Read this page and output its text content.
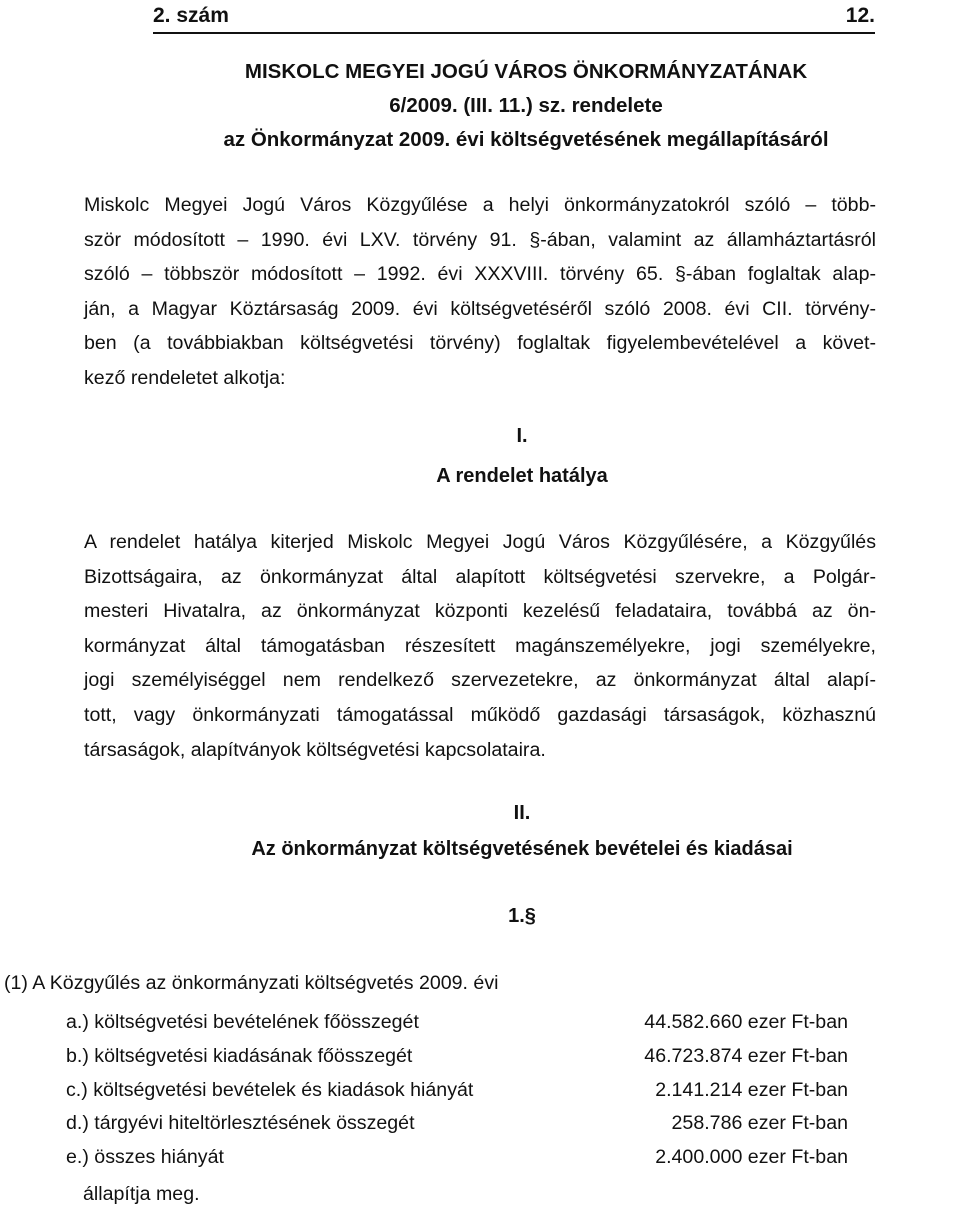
2. szám	12.
MISKOLC MEGYEI JOGÚ VÁROS ÖNKORMÁNYZATÁNAK
6/2009. (III. 11.) sz. rendelete
az Önkormányzat 2009. évi költségvetésének megállapításáról
Miskolc Megyei Jogú Város Közgyűlése a helyi önkormányzatokról szóló – több-
ször módosított – 1990. évi LXV. törvény 91. §-ában, valamint az államháztartásról
szóló – többször módosított – 1992. évi XXXVIII. törvény 65. §-ában foglaltak alap-
ján, a Magyar Köztársaság 2009. évi költségvetéséről szóló 2008. évi CII. törvény-
ben (a továbbiakban költségvetési törvény) foglaltak figyelembevételével a követ-
kező rendeletet alkotja:
I.
A rendelet hatálya
A rendelet hatálya kiterjed Miskolc Megyei Jogú Város Közgyűlésére, a Közgyűlés
Bizottságaira, az önkormányzat által alapított költségvetési szervekre, a Polgár-
mesteri Hivatalra, az önkormányzat központi kezelésű feladataira, továbbá az ön-
kormányzat által támogatásban részesített magánszemélyekre, jogi személyekre,
jogi személyiséggel nem rendelkező szervezetekre, az önkormányzat által alapí-
tott, vagy önkormányzati támogatással működő gazdasági társaságok, közhasznú
társaságok, alapítványok költségvetési kapcsolataira.
II.
Az önkormányzat költségvetésének bevételei és kiadásai
1.§
(1) A Közgyűlés az önkormányzati költségvetés 2009. évi
a.) költségvetési bevételének főösszegét	44.582.660 ezer Ft-ban
b.) költségvetési kiadásának főösszegét	46.723.874 ezer Ft-ban
c.) költségvetési bevételek és kiadások hiányát	2.141.214 ezer Ft-ban
d.) tárgyévi hiteltörlesztésének összegét	258.786 ezer Ft-ban
e.) összes hiányát	2.400.000 ezer Ft-ban
állapítja meg.
